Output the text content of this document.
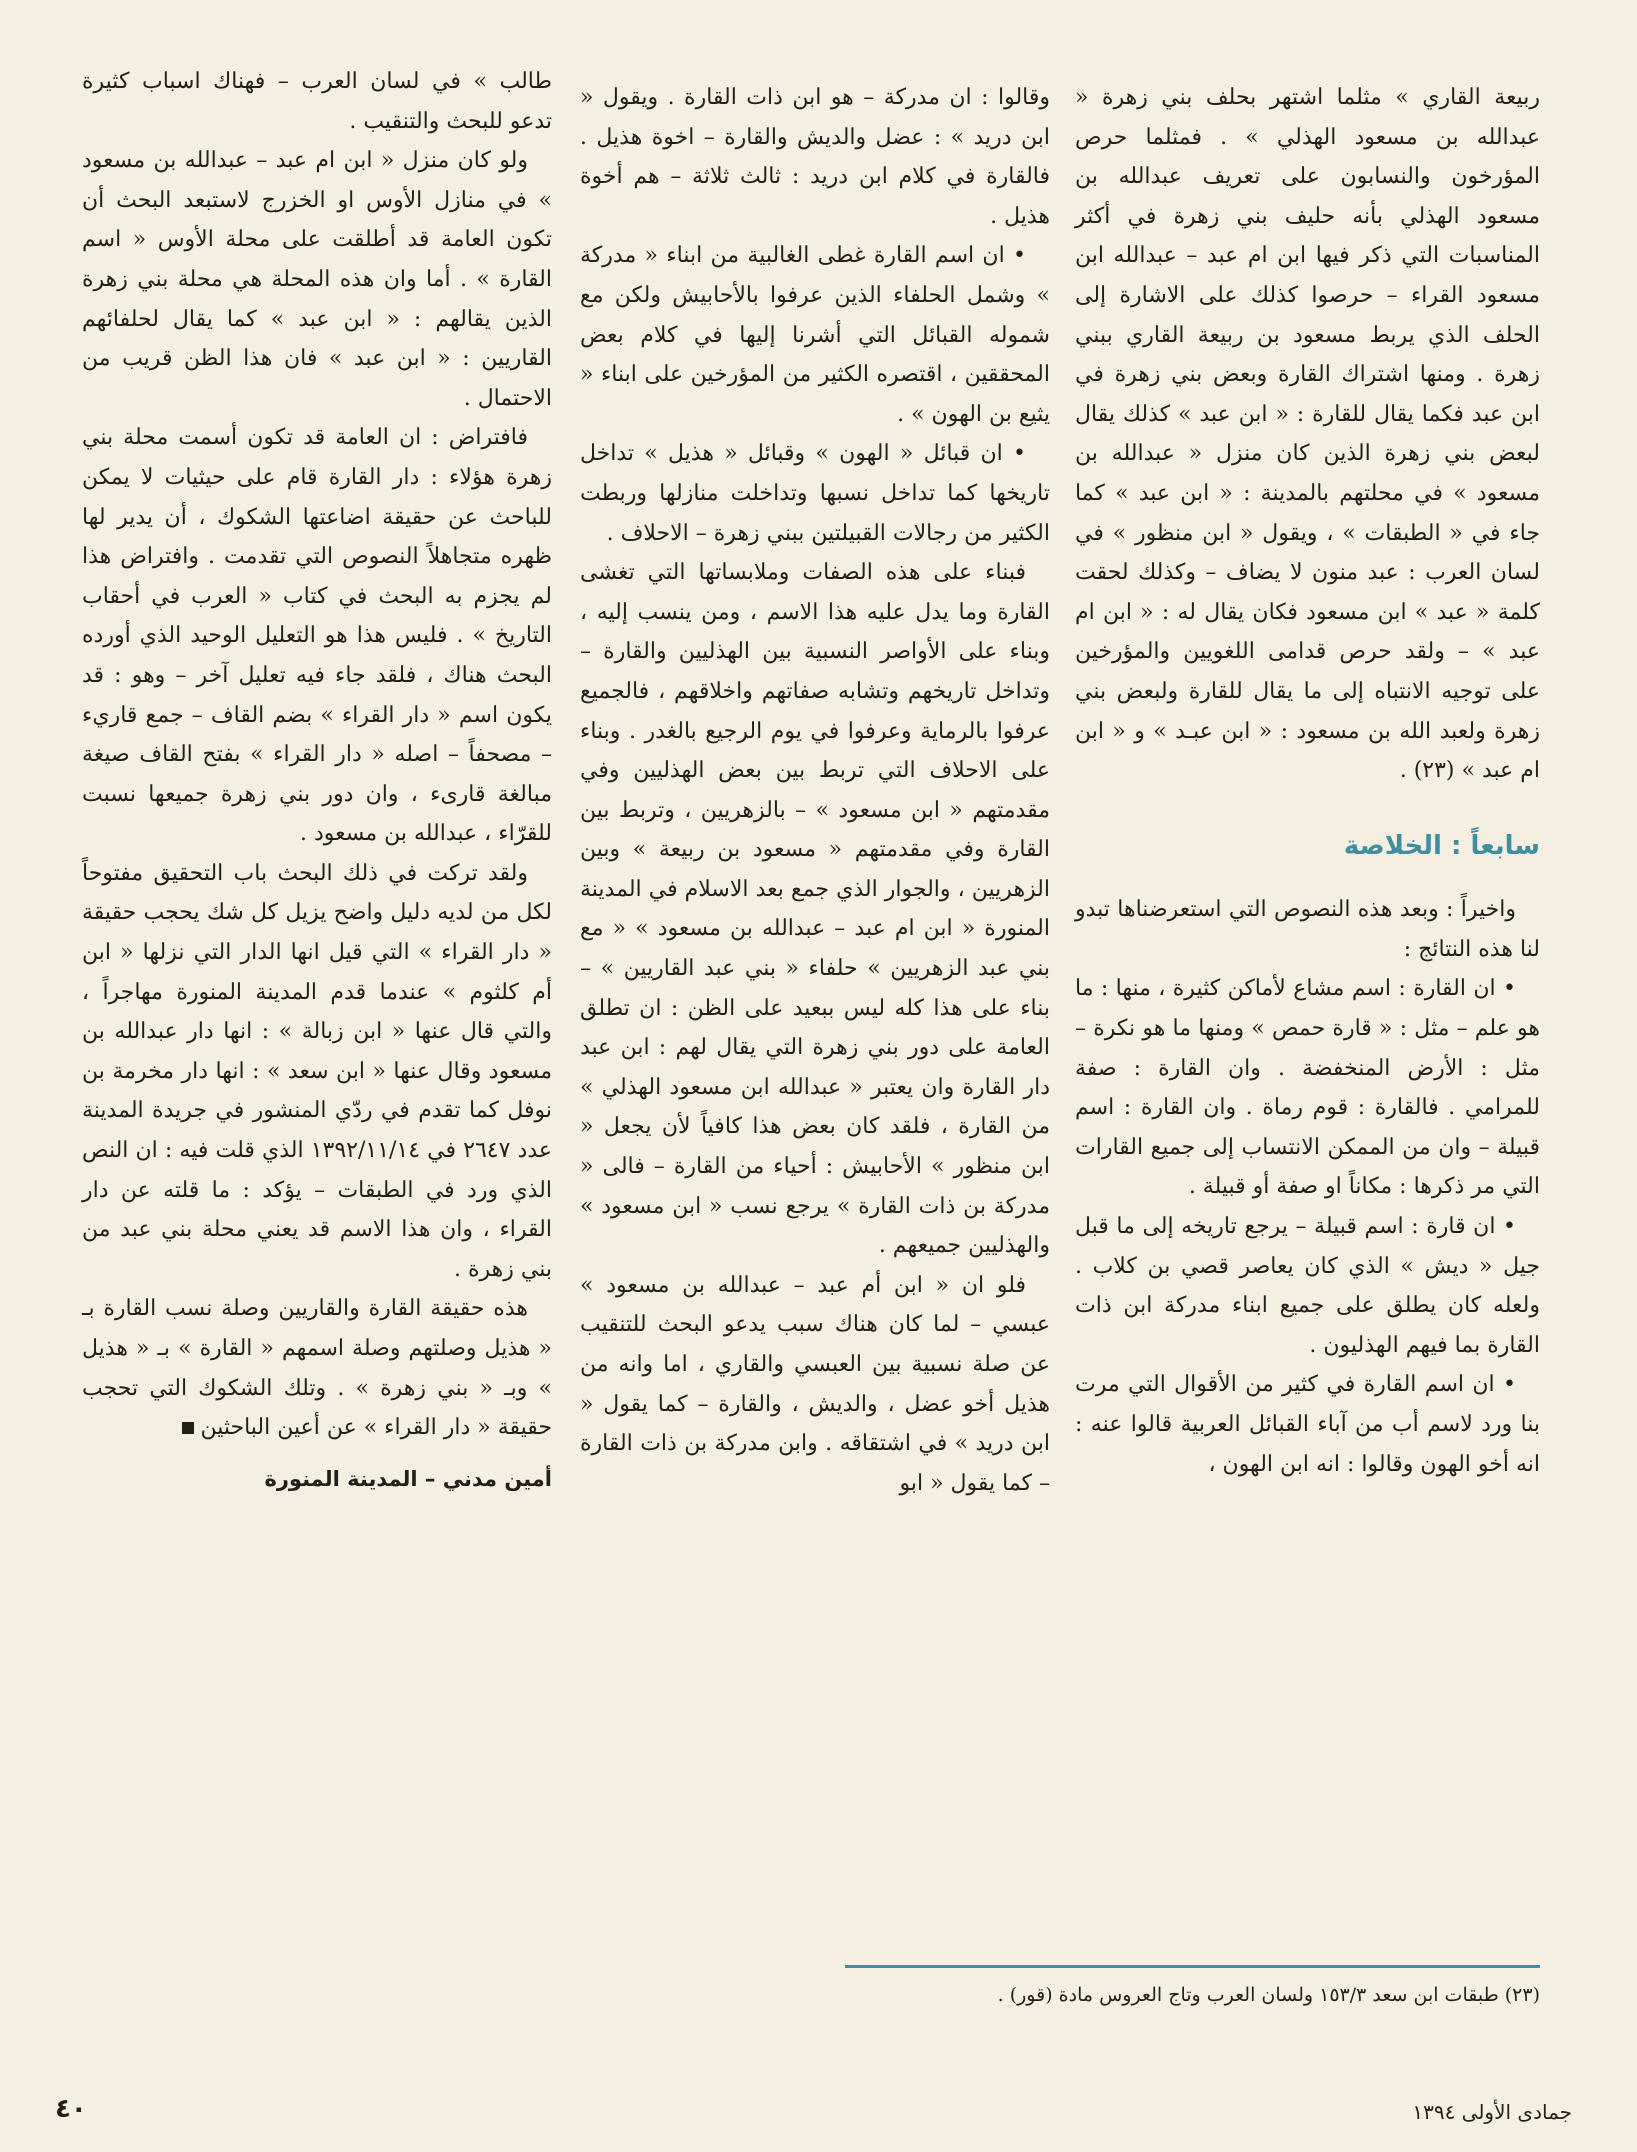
ربيعة القاري » مثلما اشتهر بحلف بني زهرة « عبدالله بن مسعود الهذلي » . فمثلما حرص المؤرخون والنسابون على تعريف عبدالله بن مسعود الهذلي بأنه حليف بني زهرة في أكثر المناسبات التي ذكر فيها ابن ام عبد – عبدالله ابن مسعود القراء – حرصوا كذلك على الاشارة إلى الحلف الذي يربط مسعود بن ربيعة القاري ببني زهرة . ومنها اشتراك القارة وبعض بني زهرة في ابن عبد فكما يقال للقارة : « ابن عبد » كذلك يقال لبعض بني زهرة الذين كان منزل « عبدالله بن مسعود » في محلتهم بالمدينة : « ابن عبد » كما جاء في « الطبقات » ، ويقول « ابن منظور » في لسان العرب : عبد منون لا يضاف – وكذلك لحقت كلمة « عبد » ابن مسعود فكان يقال له : « ابن ام عبد » – ولقد حرص قدامى اللغويين والمؤرخين على توجيه الانتباه إلى ما يقال للقارة ولبعض بني زهرة ولعبد الله بن مسعود : « ابن عبـد » و « ابن ام عبد » (٢٣) .

سابعاً : الخلاصة

واخيراً : وبعد هذه النصوص التي استعرضناها تبدو لنا هذه النتائج :

• ان القارة : اسم مشاع لأماكن كثيرة ، منها : ما هو علم – مثل : « قارة حمص » ومنها ما هو نكرة – مثل : الأرض المنخفضة . وان القارة : صفة للمرامي . فالقارة : قوم رماة . وان القارة : اسم قبيلة – وان من الممكن الانتساب إلى جميع القارات التي مر ذكرها : مكاناً او صفة أو قبيلة .

• ان قارة : اسم قبيلة – يرجع تاريخه إلى ما قبل جيل « ديش » الذي كان يعاصر قصي بن كلاب . ولعله كان يطلق على جميع ابناء مدركة ابن ذات القارة بما فيهم الهذليون .

• ان اسم القارة في كثير من الأقوال التي مرت بنا ورد لاسم أب من آباء القبائل العربية قالوا عنه : انه أخو الهون وقالوا : انه ابن الهون ،

وقالوا : ان مدركة – هو ابن ذات القارة . ويقول « ابن دريد » : عضل والديش والقارة – اخوة هذيل . فالقارة في كلام ابن دريد : ثالث ثلاثة – هم أخوة هذيل .

• ان اسم القارة غطى الغالبية من ابناء « مدركة » وشمل الحلفاء الذين عرفوا بالأحابيش ولكن مع شموله القبائل التي أشرنا إليها في كلام بعض المحققين ، اقتصره الكثير من المؤرخين على ابناء « يثيع بن الهون » .

• ان قبائل « الهون » وقبائل « هذيل » تداخل تاريخها كما تداخل نسبها وتداخلت منازلها وربطت الكثير من رجالات القبيلتين ببني زهرة – الاحلاف .

فبناء على هذه الصفات وملابساتها التي تغشى القارة وما يدل عليه هذا الاسم ، ومن ينسب إليه ، وبناء على الأواصر النسبية بين الهذليين والقارة – وتداخل تاريخهم وتشابه صفاتهم واخلاقهم ، فالجميع عرفوا بالرماية وعرفوا في يوم الرجيع بالغدر . وبناء على الاحلاف التي تربط بين بعض الهذليين وفي مقدمتهم « ابن مسعود » – بالزهريين ، وتربط بين القارة وفي مقدمتهم « مسعود بن ربيعة » وبين الزهريين ، والجوار الذي جمع بعد الاسلام في المدينة المنورة « ابن ام عبد – عبدالله بن مسعود » « مع بني عبد الزهريين » حلفاء « بني عبد القاريين » – بناء على هذا كله ليس ببعيد على الظن : ان تطلق العامة على دور بني زهرة التي يقال لهم : ابن عبد دار القارة وان يعتبر « عبدالله ابن مسعود الهذلي » من القارة ، فلقد كان بعض هذا كافياً لأن يجعل « ابن منظور » الأحابيش : أحياء من القارة – فالى « مدركة بن ذات القارة » يرجع نسب « ابن مسعود » والهذليين جميعهم .

فلو ان « ابن أم عبد – عبدالله بن مسعود » عبسي – لما كان هناك سبب يدعو البحث للتنقيب عن صلة نسبية بين العبسي والقاري ، اما وانه من هذيل أخو عضل ، والديش ، والقارة – كما يقول « ابن دريد » في اشتقاقه . وابن مدركة بن ذات القارة – كما يقول « ابو

طالب » في لسان العرب – فهناك اسباب كثيرة تدعو للبحث والتنقيب .

ولو كان منزل « ابن ام عبد – عبدالله بن مسعود » في منازل الأوس او الخزرج لاستبعد البحث أن تكون العامة قد أطلقت على محلة الأوس « اسم القارة » . أما وان هذه المحلة هي محلة بني زهرة الذين يقالهم : « ابن عبد » كما يقال لحلفائهم القاريين : « ابن عبد » فان هذا الظن قريب من الاحتمال .

فافتراض : ان العامة قد تكون أسمت محلة بني زهرة هؤلاء : دار القارة قام على حيثيات لا يمكن للباحث عن حقيقة اضاعتها الشكوك ، أن يدير لها ظهره متجاهلاً النصوص التي تقدمت . وافتراض هذا لم يجزم به البحث في كتاب « العرب في أحقاب التاريخ » . فليس هذا هو التعليل الوحيد الذي أورده البحث هناك ، فلقد جاء فيه تعليل آخر – وهو : قد يكون اسم « دار القراء » بضم القاف – جمع قاريء – مصحفاً – اصله « دار القراء » بفتح القاف صيغة مبالغة قارىء ، وان دور بني زهرة جميعها نسبت للقرّاء ، عبدالله بن مسعود .

ولقد تركت في ذلك البحث باب التحقيق مفتوحاً لكل من لديه دليل واضح يزيل كل شك يحجب حقيقة « دار القراء » التي قيل انها الدار التي نزلها « ابن أم كلثوم » عندما قدم المدينة المنورة مهاجراً ، والتي قال عنها « ابن زبالة » : انها دار عبدالله بن مسعود وقال عنها « ابن سعد » : انها دار مخرمة بن نوفل كما تقدم في ردّي المنشور في جريدة المدينة عدد ٢٦٤٧ في ١٣٩٢/١١/١٤ الذي قلت فيه : ان النص الذي ورد في الطبقات – يؤكد : ما قلته عن دار القراء ، وان هذا الاسم قد يعني محلة بني عبد من بني زهرة .

هذه حقيقة القارة والقاريين وصلة نسب القارة بـ « هذيل وصلتهم وصلة اسمهم « القارة » بـ « هذيل » وبـ « بني زهرة » . وتلك الشكوك التي تحجب حقيقة « دار القراء » عن أعين الباحثين

أمين مدني – المدينة المنورة
(٢٣) طبقات ابن سعد ١٥٣/٣ ولسان العرب وتاج العروس مادة (قور) .
جمادى الأولى ١٣٩٤
٤٠
